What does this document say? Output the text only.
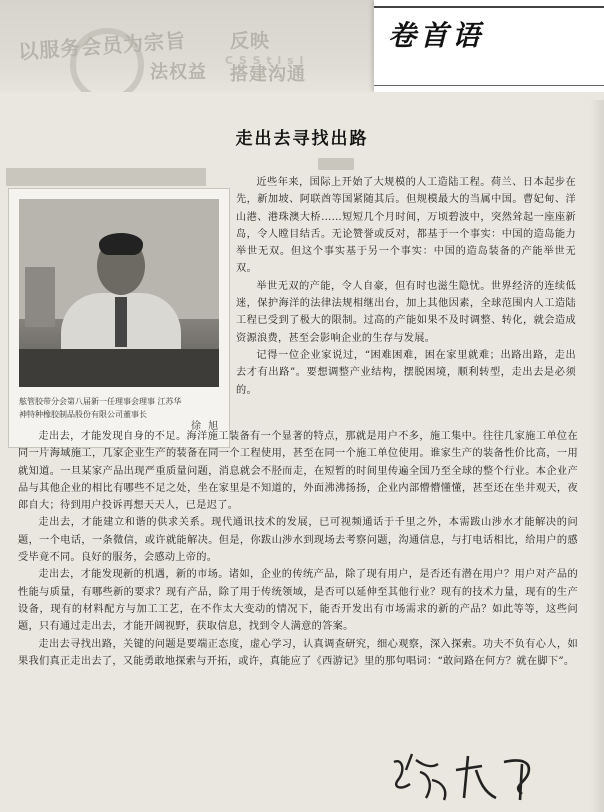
以服务会员为宗旨 反映
法权益 搭建沟通
C S S t l s l
卷首语
走出去寻找出路
舷管胶带分会第八届新一任理事会理事 江苏华神特种橡胶制品股份有限公司董事长
徐 旭

近些年来，国际上开始了大规模的人工造陆工程。荷兰、日本起步在先，新加坡、阿联酋等国紧随其后。但规模最大的当属中国。曹妃甸、洋山港、港珠澳大桥……短短几个月时间，万顷碧波中，突然耸起一座座新岛，令人瞠目结舌。无论赞誉或反对，都基于一个事实：中国的造岛能力举世无双。但这个事实基于另一个事实：中国的造岛装备的产能举世无双。

举世无双的产能，令人自豪，但有时也滋生隐忧。世界经济的连续低迷，保护海洋的法律法规相继出台，加上其他因素，全球范围内人工造陆工程已受到了极大的限制。过高的产能如果不及时调整、转化，就会造成资源浪费，甚至会影响企业的生存与发展。

记得一位企业家说过，“困难困难，困在家里就难；出路出路，走出去才有出路”。要想调整产业结构，摆脱困境，顺利转型，走出去是必须的。

走出去，才能发现自身的不足。海洋施工装备有一个显著的特点，那就是用户不多，施工集中。往往几家施工单位在同一片海域施工，几家企业生产的装备在同一个工程使用，甚至在同一个施工单位使用。谁家生产的装备性价比高，一用就知道。一旦某家产品出现严重质量问题，消息就会不胫而走，在短暂的时间里传遍全国乃至全球的整个行业。本企业产品与其他企业的相比有哪些不足之处，坐在家里是不知道的，外面沸沸扬扬，企业内部懵懵懂懂，甚至还在坐井观天，夜郎自大；待到用户投诉再想天天人，已是迟了。

走出去，才能建立和谐的供求关系。现代通讯技术的发展，已可视频通话于千里之外，本需跋山涉水才能解决的问题，一个电话，一条微信，或许就能解决。但是，你跋山涉水到现场去考察问题，沟通信息，与打电话相比，给用户的感受毕竟不同。良好的服务，会感动上帝的。

走出去，才能发现新的机遇，新的市场。诸如，企业的传统产品，除了现有用户，是否还有潜在用户？用户对产品的性能与质量，有哪些新的要求？现有产品，除了用于传统领域，是否可以延伸至其他行业？现有的技术力量，现有的生产设备，现有的材料配方与加工工艺，在不作太大变动的情况下，能否开发出有市场需求的新的产品？如此等等，这些问题，只有通过走出去，才能开阔视野，获取信息，找到令人满意的答案。

走出去寻找出路，关键的问题是要端正态度，虚心学习，认真调查研究，细心观察，深入探索。功夫不负有心人，如果我们真正走出去了，又能勇敢地探索与开拓，或许，真能应了《西游记》里的那句唱词：“敢问路在何方？就在脚下”。
